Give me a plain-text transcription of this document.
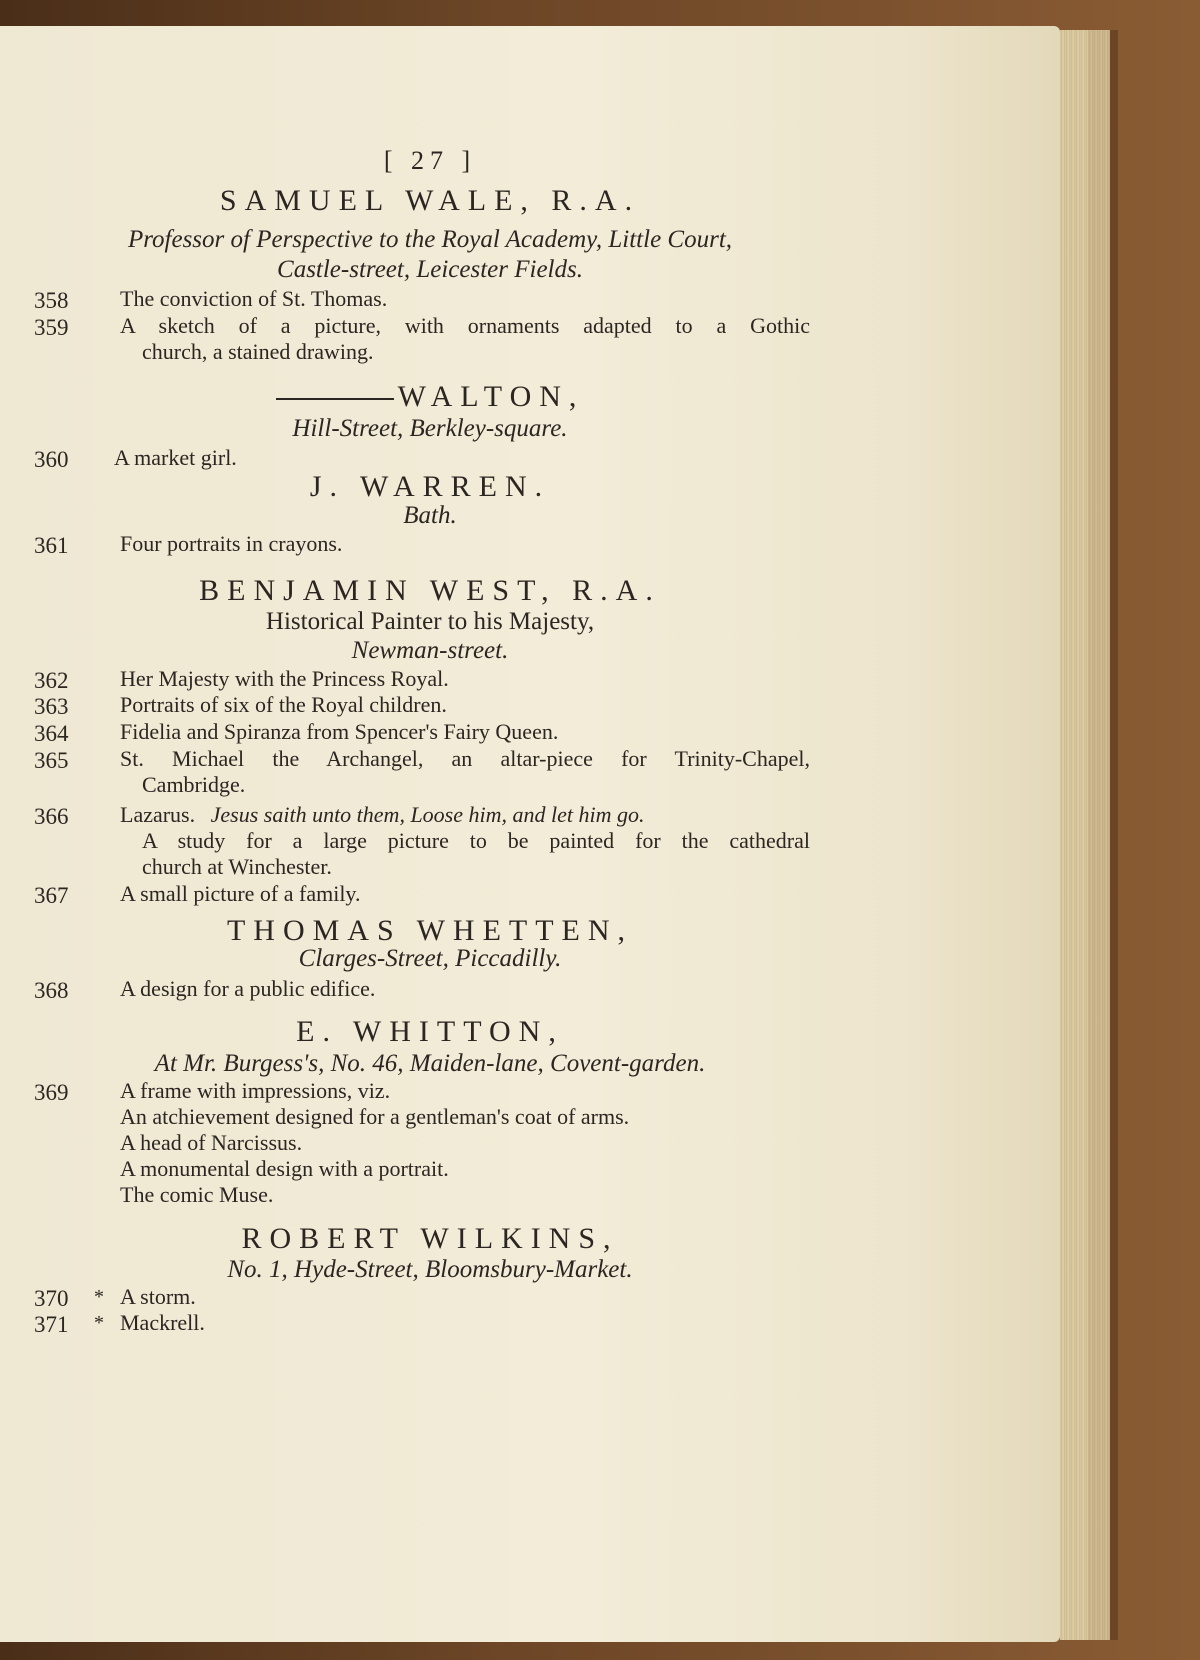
[ 27 ]
SAMUEL WALE, R.A.
Professor of Perspective to the Royal Academy, Little Court,
Castle-street, Leicester Fields.
358 The conviction of St. Thomas.
359 A sketch of a picture, with ornaments adapted to a Gothic
church, a stained drawing.
WALTON,
Hill-Street, Berkley-square.
360 A market girl.
J. WARREN.
Bath.
361 Four portraits in crayons.
BENJAMIN WEST, R.A.
Historical Painter to his Majesty,
Newman-street.
362 Her Majesty with the Princess Royal.
363 Portraits of six of the Royal children.
364 Fidelia and Spiranza from Spencer's Fairy Queen.
365 St. Michael the Archangel, an altar-piece for Trinity-Chapel,
Cambridge.
366 Lazarus. Jesus saith unto them, Loose him, and let him go.
A study for a large picture to be painted for the cathedral
church at Winchester.
367 A small picture of a family.
THOMAS WHETTEN,
Clarges-Street, Piccadilly.
368 A design for a public edifice.
E. WHITTON,
At Mr. Burgess's, No. 46, Maiden-lane, Covent-garden.
369 A frame with impressions, viz.
An atchievement designed for a gentleman's coat of arms.
A head of Narcissus.
A monumental design with a portrait.
The comic Muse.
ROBERT WILKINS,
No. 1, Hyde-Street, Bloomsbury-Market.
370 * A storm.
371 * Mackrell.
